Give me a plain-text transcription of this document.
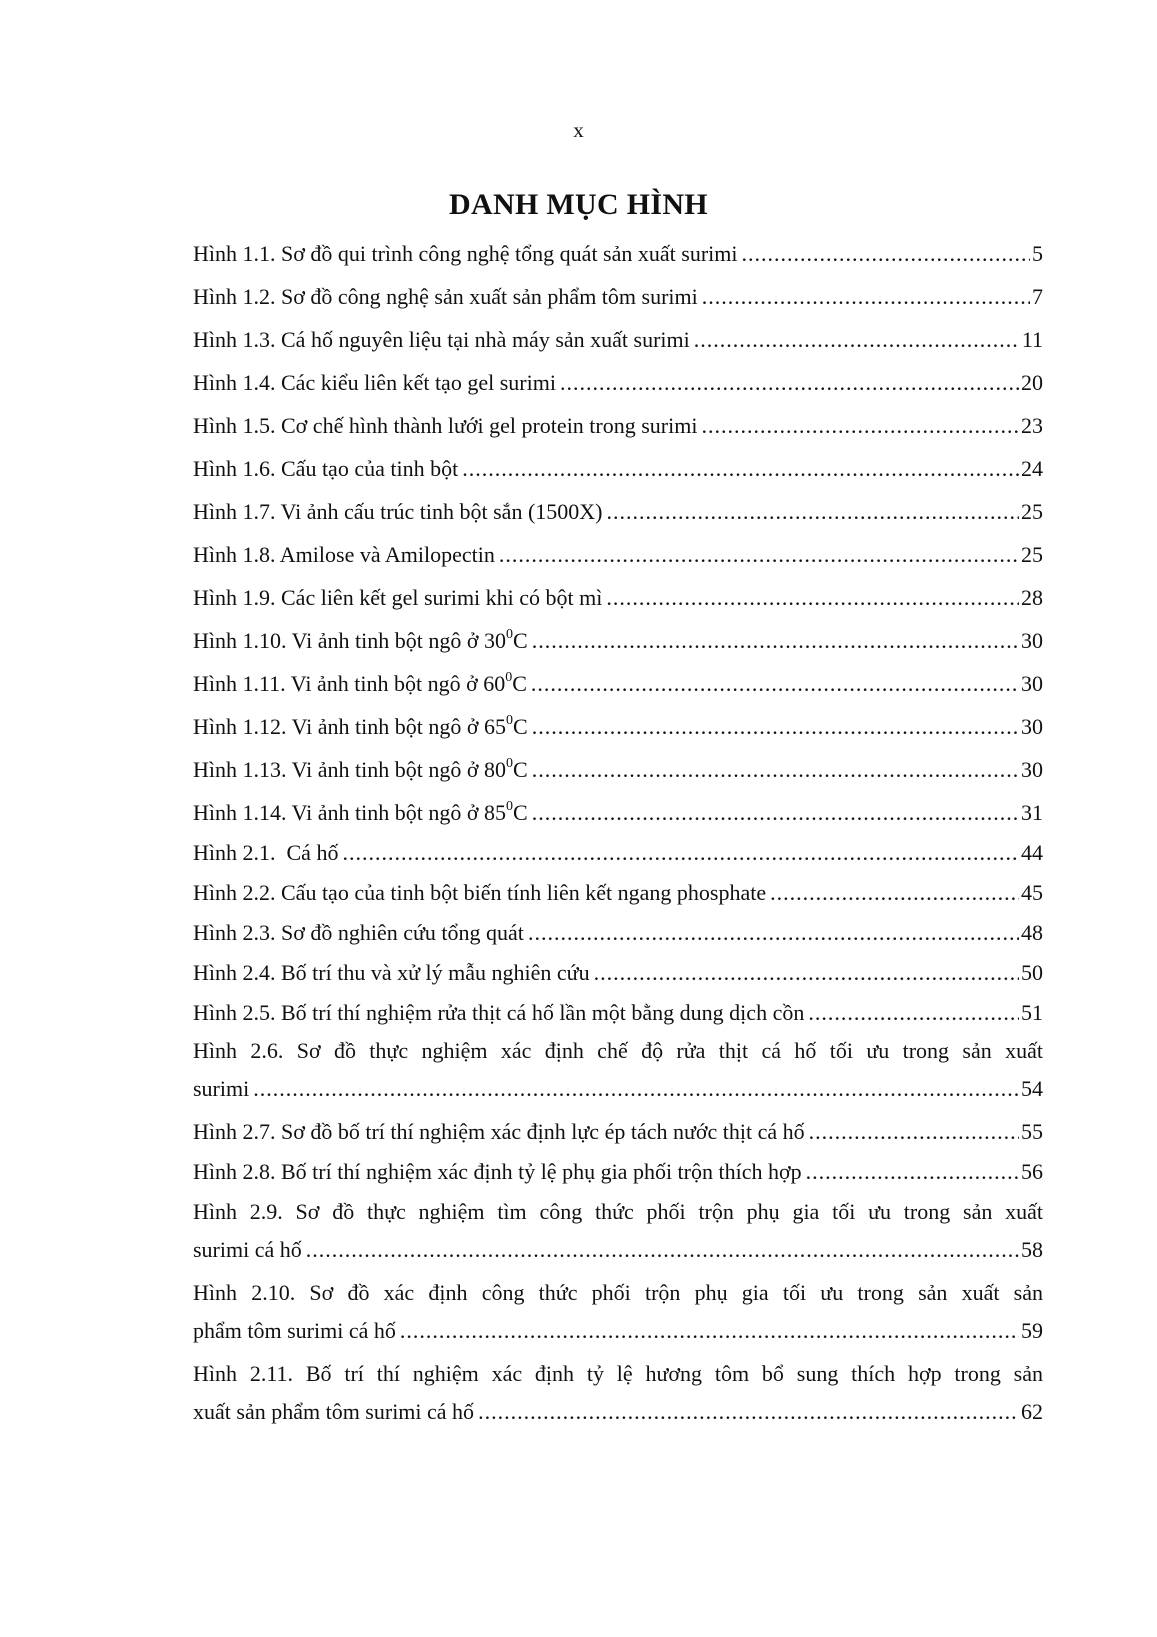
x
DANH MỤC HÌNH
Hình 1.1. Sơ đồ qui trình công nghệ tổng quát sản xuất surimi .....	5
Hình 1.2. Sơ đồ công nghệ sản xuất sản phẩm tôm surimi .....	7
Hình 1.3. Cá hố nguyên liệu tại nhà máy sản xuất surimi .....	11
Hình 1.4. Các kiểu liên kết tạo gel surimi .....	20
Hình 1.5. Cơ chế hình thành lưới gel protein trong surimi .....	23
Hình 1.6. Cấu tạo của tinh bột .....	24
Hình 1.7. Vi ảnh cấu trúc tinh bột sắn (1500X) .....	25
Hình 1.8. Amilose và Amilopectin .....	25
Hình 1.9. Các liên kết gel surimi khi có bột mì .....	28
Hình 1.10. Vi ảnh tinh bột ngô ở $30^0C$ .....	30
Hình 1.11. Vi ảnh tinh bột ngô ở $60^0C$ .....	30
Hình 1.12. Vi ảnh tinh bột ngô ở $65^0C$ .....	30
Hình 1.13. Vi ảnh tinh bột ngô ở $80^0C$ .....	30
Hình 1.14. Vi ảnh tinh bột ngô ở $85^0C$ .....	31
Hình 2.1.  Cá hố .....	44
Hình 2.2. Cấu tạo của tinh bột biến tính liên kết ngang phosphate .....	45
Hình 2.3. Sơ đồ nghiên cứu tổng quát .....	48
Hình 2.4. Bố trí thu và xử lý mẫu nghiên cứu .....	50
Hình 2.5. Bố trí thí nghiệm rửa thịt cá hố lần một bằng dung dịch cồn .....	51
Hình 2.6. Sơ đồ thực nghiệm xác định chế độ rửa thịt cá hố tối ưu trong sản xuất
surimi .....	54
Hình 2.7. Sơ đồ bố trí thí nghiệm xác định lực ép tách nước thịt cá hố .....	55
Hình 2.8. Bố trí thí nghiệm xác định tỷ lệ phụ gia phối trộn thích hợp .....	56
Hình 2.9. Sơ đồ thực nghiệm tìm công thức phối trộn phụ gia tối ưu trong sản xuất
surimi cá hố .....	58
Hình 2.10. Sơ đồ xác định công thức phối trộn phụ gia tối ưu trong sản xuất sản
phẩm tôm surimi cá hố .....	59
Hình 2.11. Bố trí thí nghiệm xác định tỷ lệ hương tôm bổ sung thích hợp trong sản
xuất sản phẩm tôm surimi cá hố .....	62
